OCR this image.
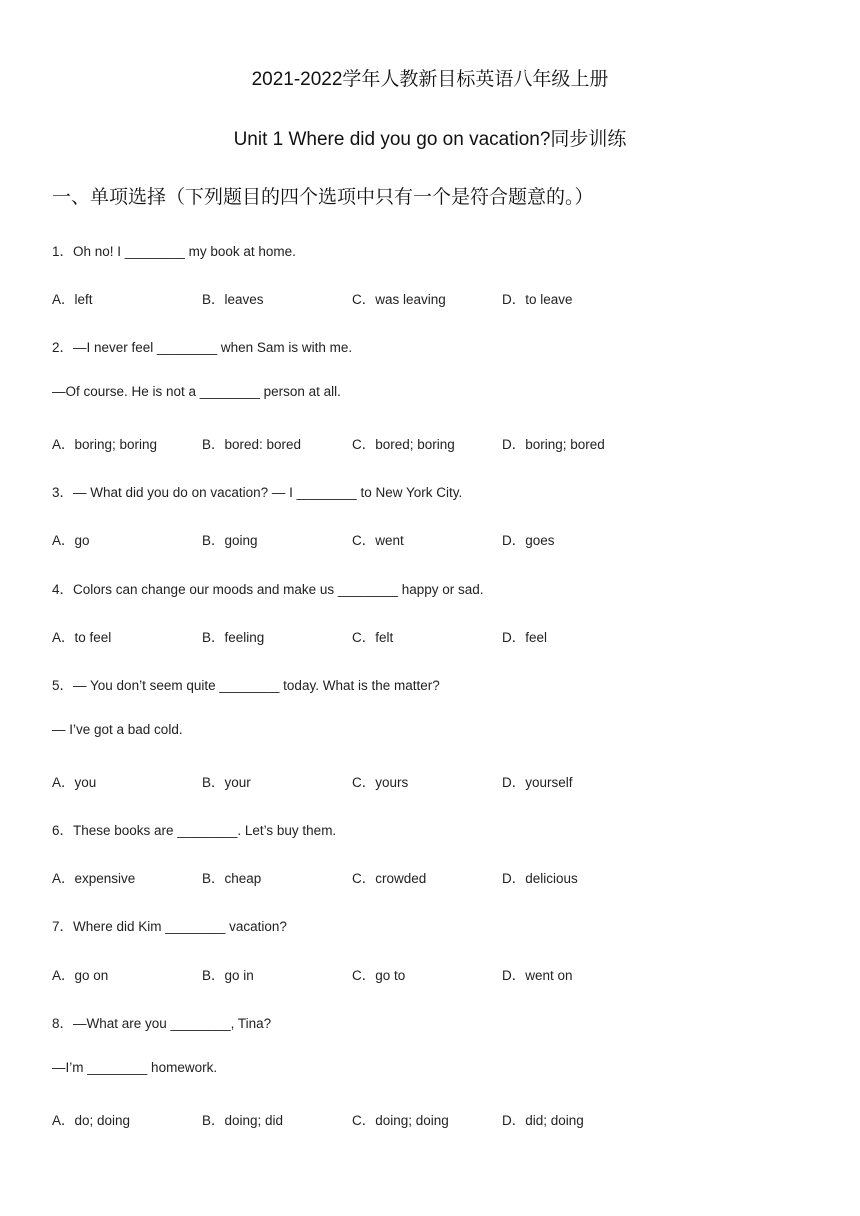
2021-2022学年人教新目标英语八年级上册
Unit 1 Where did you go on vacation?同步训练
一、单项选择（下列题目的四个选项中只有一个是符合题意的。）
1．Oh no! I ________ my book at home.
A．left	B．leaves	C．was leaving	D．to leave
2．—I never feel ________ when Sam is with me.
—Of course. He is not a ________ person at all.
A．boring; boring	B．bored: bored	C．bored; boring	D．boring; bored
3．— What did you do on vacation? — I ________ to New York City.
A．go	B．going	C．went	D．goes
4．Colors can change our moods and make us ________ happy or sad.
A．to feel	B．feeling	C．felt	D．feel
5．— You don’t seem quite ________ today. What is the matter?
— I’ve got a bad cold.
A．you	B．your	C．yours	D．yourself
6．These books are ________. Let’s buy them.
A．expensive	B．cheap	C．crowded	D．delicious
7．Where did Kim ________ vacation?
A．go on	B．go in	C．go to	D．went on
8．—What are you ________, Tina?
—I’m ________ homework.
A．do; doing	B．doing; did	C．doing; doing	D．did; doing
